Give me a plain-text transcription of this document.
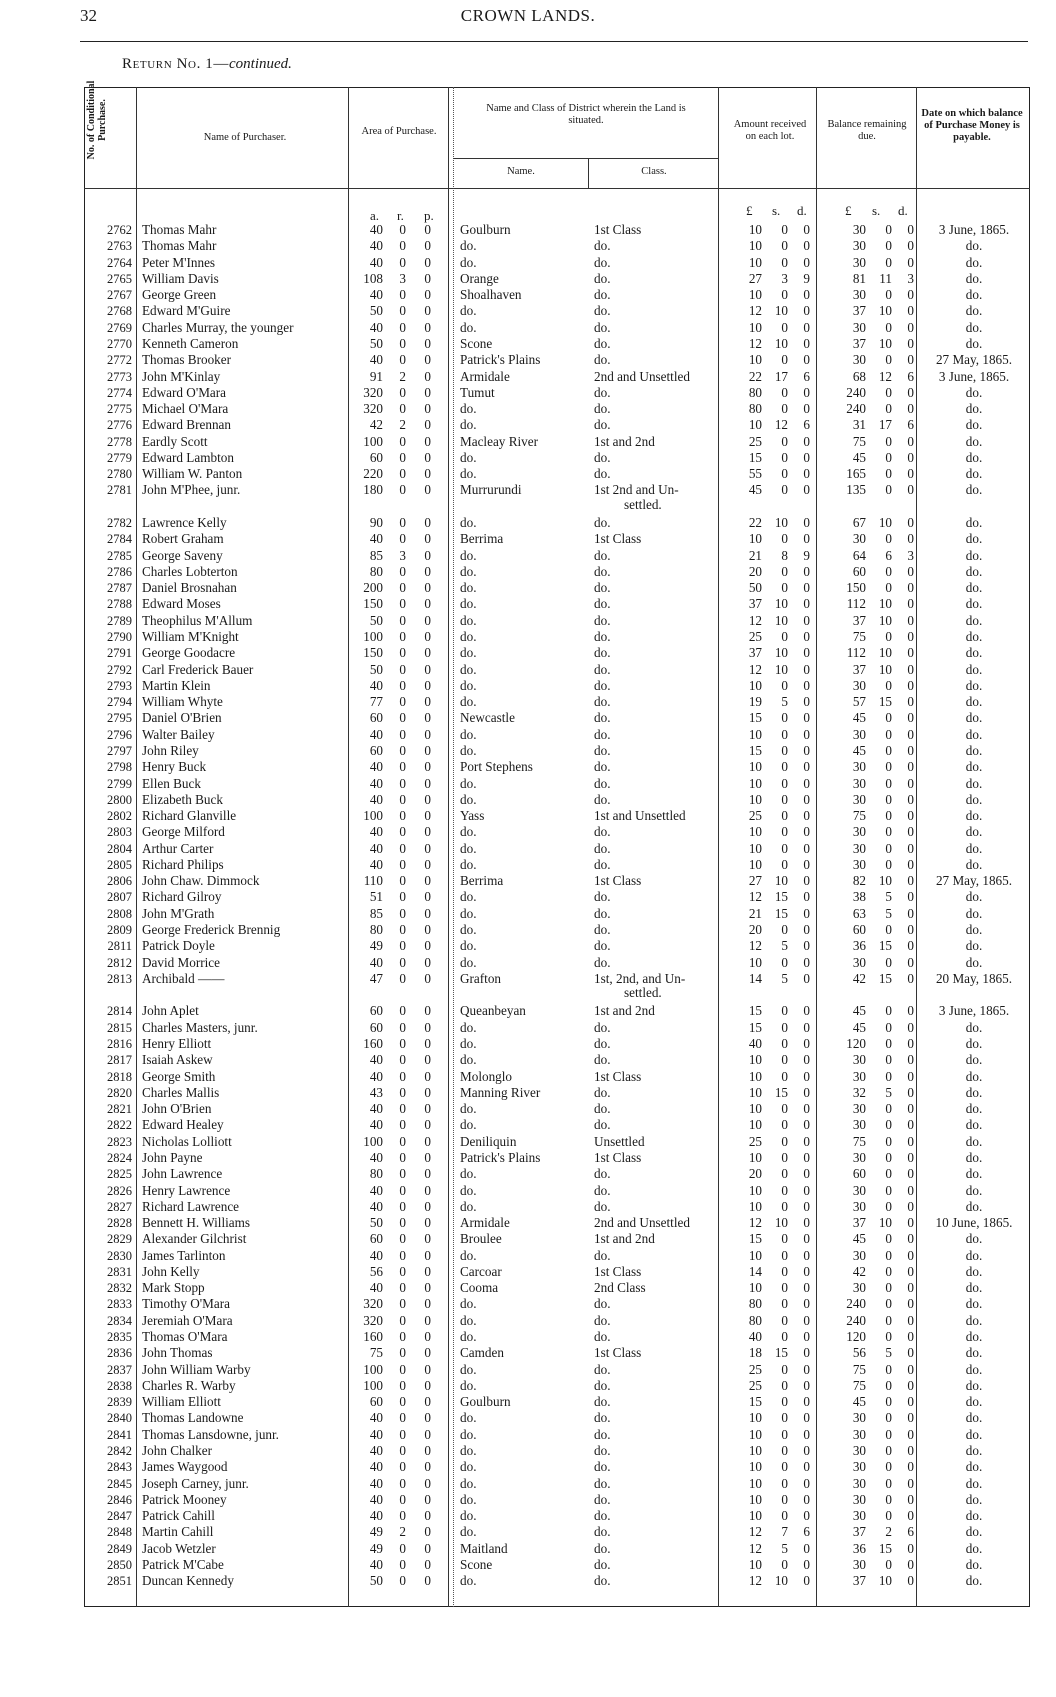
32	CROWN LANDS.
Return No. 1—continued.
No. of Conditional Purchase.	Name of Purchaser.
Area of Purchase.
Name and Class of District wherein the Land is situated.
Name.	Class.
Amount received on each lot.
Balance remaining due.
Date on which balance of Purchase Money is payable.
a. r. p.	£ s. d.	£ s. d.
2762 Thomas Mahr	40	0	0 Goulburn	1st Class	10	0	0	30	0	0	3 June, 1865.
2763 Thomas Mahr	40	0	0 do.	do.	10	0	0	30	0	0	do.
2764 Peter M'Innes	40	0	0 do.	do.	10	0	0	30	0	0	do.
2765 William Davis	108	3	0 Orange	do.	27	3	9	81	11	3	do.
2767 George Green	40	0	0 Shoalhaven	do.	10	0	0	30	0	0	do.
2768 Edward M'Guire	50	0	0 do.	do.	12 10	0	37 10	0	do.
2769 Charles Murray, the younger	40	0	0 do.	do.	10	0	0	30	0	0	do.
2770 Kenneth Cameron	50	0	0 Scone	do.	12 10	0	37 10	0	do.
2772 Thomas Brooker	40	0	0 Patrick's Plains	do.	10	0	0	30	0	0	27 May, 1865.
2773 John M'Kinlay	91	2	0 Armidale	2nd and Unsettled	22 17	6	68 12	6	3 June, 1865.
2774 Edward O'Mara	320	0	0 Tumut	do.	80	0	0	240	0	0	do.
2775 Michael O'Mara	320	0	0 do.	do.	80	0	0	240	0	0	do.
2776 Edward Brennan	42	2	0 do.	do.	10 12	6	31 17	6	do.
2778 Eardly Scott	100	0	0 Macleay River	1st and 2nd	25	0	0	75	0	0	do.
2779 Edward Lambton	60	0	0 do.	do.	15	0	0	45	0	0	do.
2780 William W. Panton	220	0	0 do.	do.	55	0	0	165	0	0	do.
2781 John M'Phee, junr.	180	0	0 Murrurundi	1st 2nd and Un-	45	0	0	135	0	0	do.
settled.
2782 Lawrence Kelly	90	0	0 do.	do.	22 10	0	67 10	0	do.
2784 Robert Graham	40	0	0 Berrima	1st Class	10	0	0	30	0	0	do.
2785 George Saveny	85	3	0 do.	do.	21	8	9	64	6	3	do.
2786 Charles Lobterton	80	0	0 do.	do.	20	0	0	60	0	0	do.
2787 Daniel Brosnahan	200	0	0 do.	do.	50	0	0	150	0	0	do.
2788 Edward Moses	150	0	0 do.	do.	37 10	0	112 10	0	do.
2789 Theophilus M'Allum	50	0	0 do.	do.	12 10	0	37 10	0	do.
2790 William M'Knight	100	0	0 do.	do.	25	0	0	75	0	0	do.
2791 George Goodacre	150	0	0 do.	do.	37 10	0	112 10	0	do.
2792 Carl Frederick Bauer	50	0	0 do.	do.	12 10	0	37 10	0	do.
2793 Martin Klein	40	0	0 do.	do.	10	0	0	30	0	0	do.
2794 William Whyte	77	0	0 do.	do.	19	5	0	57 15	0	do.
2795 Daniel O'Brien	60	0	0 Newcastle	do.	15	0	0	45	0	0	do.
2796 Walter Bailey	40	0	0 do.	do.	10	0	0	30	0	0	do.
2797 John Riley	60	0	0 do.	do.	15	0	0	45	0	0	do.
2798 Henry Buck	40	0	0 Port Stephens	do.	10	0	0	30	0	0	do.
2799 Ellen Buck	40	0	0 do.	do.	10	0	0	30	0	0	do.
2800 Elizabeth Buck	40	0	0 do.	do.	10	0	0	30	0	0	do.
2802 Richard Glanville	100	0	0 Yass	1st and Unsettled	25	0	0	75	0	0	do.
2803 George Milford	40	0	0 do.	do.	10	0	0	30	0	0	do.
2804 Arthur Carter	40	0	0 do.	do.	10	0	0	30	0	0	do.
2805 Richard Philips	40	0	0 do.	do.	10	0	0	30	0	0	do.
2806 John Chaw. Dimmock	110	0	0 Berrima	1st Class	27 10	0	82 10	0	27 May, 1865.
2807 Richard Gilroy	51	0	0 do.	do.	12 15	0	38	5	0	do.
2808 John M'Grath	85	0	0 do.	do.	21 15	0	63	5	0	do.
2809 George Frederick Brennig	80	0	0 do.	do.	20	0	0	60	0	0	do.
2811 Patrick Doyle	49	0	0 do.	do.	12	5	0	36 15	0	do.
2812 David Morrice	40	0	0 do.	do.	10	0	0	30	0	0	do.
2813 Archibald ——	47	0	0 Grafton	1st, 2nd, and Un-	14	5	0	42 15	0	20 May, 1865.
settled.
2814 John Aplet	60	0	0 Queanbeyan	1st and 2nd	15	0	0	45	0	0	3 June, 1865.
2815 Charles Masters, junr.	60	0	0 do.	do.	15	0	0	45	0	0	do.
2816 Henry Elliott	160	0	0 do.	do.	40	0	0	120	0	0	do.
2817 Isaiah Askew	40	0	0 do.	do.	10	0	0	30	0	0	do.
2818 George Smith	40	0	0 Molonglo	1st Class	10	0	0	30	0	0	do.
2820 Charles Mallis	43	0	0 Manning River	do.	10 15	0	32	5	0	do.
2821 John O'Brien	40	0	0 do.	do.	10	0	0	30	0	0	do.
2822 Edward Healey	40	0	0 do.	do.	10	0	0	30	0	0	do.
2823 Nicholas Lolliott	100	0	0 Deniliquin	Unsettled	25	0	0	75	0	0	do.
2824 John Payne	40	0	0 Patrick's Plains	1st Class	10	0	0	30	0	0	do.
2825 John Lawrence	80	0	0 do.	do.	20	0	0	60	0	0	do.
2826 Henry Lawrence	40	0	0 do.	do.	10	0	0	30	0	0	do.
2827 Richard Lawrence	40	0	0 do.	do.	10	0	0	30	0	0	do.
2828 Bennett H. Williams	50	0	0 Armidale	2nd and Unsettled	12 10	0	37 10	0	10 June, 1865.
2829 Alexander Gilchrist	60	0	0 Broulee	1st and 2nd	15	0	0	45	0	0	do.
2830 James Tarlinton	40	0	0 do.	do.	10	0	0	30	0	0	do.
2831 John Kelly	56	0	0 Carcoar	1st Class	14	0	0	42	0	0	do.
2832 Mark Stopp	40	0	0 Cooma	2nd Class	10	0	0	30	0	0	do.
2833 Timothy O'Mara	320	0	0 do.	do.	80	0	0	240	0	0	do.
2834 Jeremiah O'Mara	320	0	0 do.	do.	80	0	0	240	0	0	do.
2835 Thomas O'Mara	160	0	0 do.	do.	40	0	0	120	0	0	do.
2836 John Thomas	75	0	0 Camden	1st Class	18 15	0	56	5	0	do.
2837 John William Warby	100	0	0 do.	do.	25	0	0	75	0	0	do.
2838 Charles R. Warby	100	0	0 do.	do.	25	0	0	75	0	0	do.
2839 William Elliott	60	0	0 Goulburn	do.	15	0	0	45	0	0	do.
2840 Thomas Landowne	40	0	0 do.	do.	10	0	0	30	0	0	do.
2841 Thomas Lansdowne, junr.	40	0	0 do.	do.	10	0	0	30	0	0	do.
2842 John Chalker	40	0	0 do.	do.	10	0	0	30	0	0	do.
2843 James Waygood	40	0	0 do.	do.	10	0	0	30	0	0	do.
2845 Joseph Carney, junr.	40	0	0 do.	do.	10	0	0	30	0	0	do.
2846 Patrick Mooney	40	0	0 do.	do.	10	0	0	30	0	0	do.
2847 Patrick Cahill	40	0	0 do.	do.	10	0	0	30	0	0	do.
2848 Martin Cahill	49	2	0 do.	do.	12	7	6	37	2	6	do.
2849 Jacob Wetzler	49	0	0 Maitland	do.	12	5	0	36 15	0	do.
2850 Patrick M'Cabe	40	0	0 Scone	do.	10	0	0	30	0	0	do.
2851 Duncan Kennedy	50	0	0 do.	do.	12 10	0	37 10	0	do.
